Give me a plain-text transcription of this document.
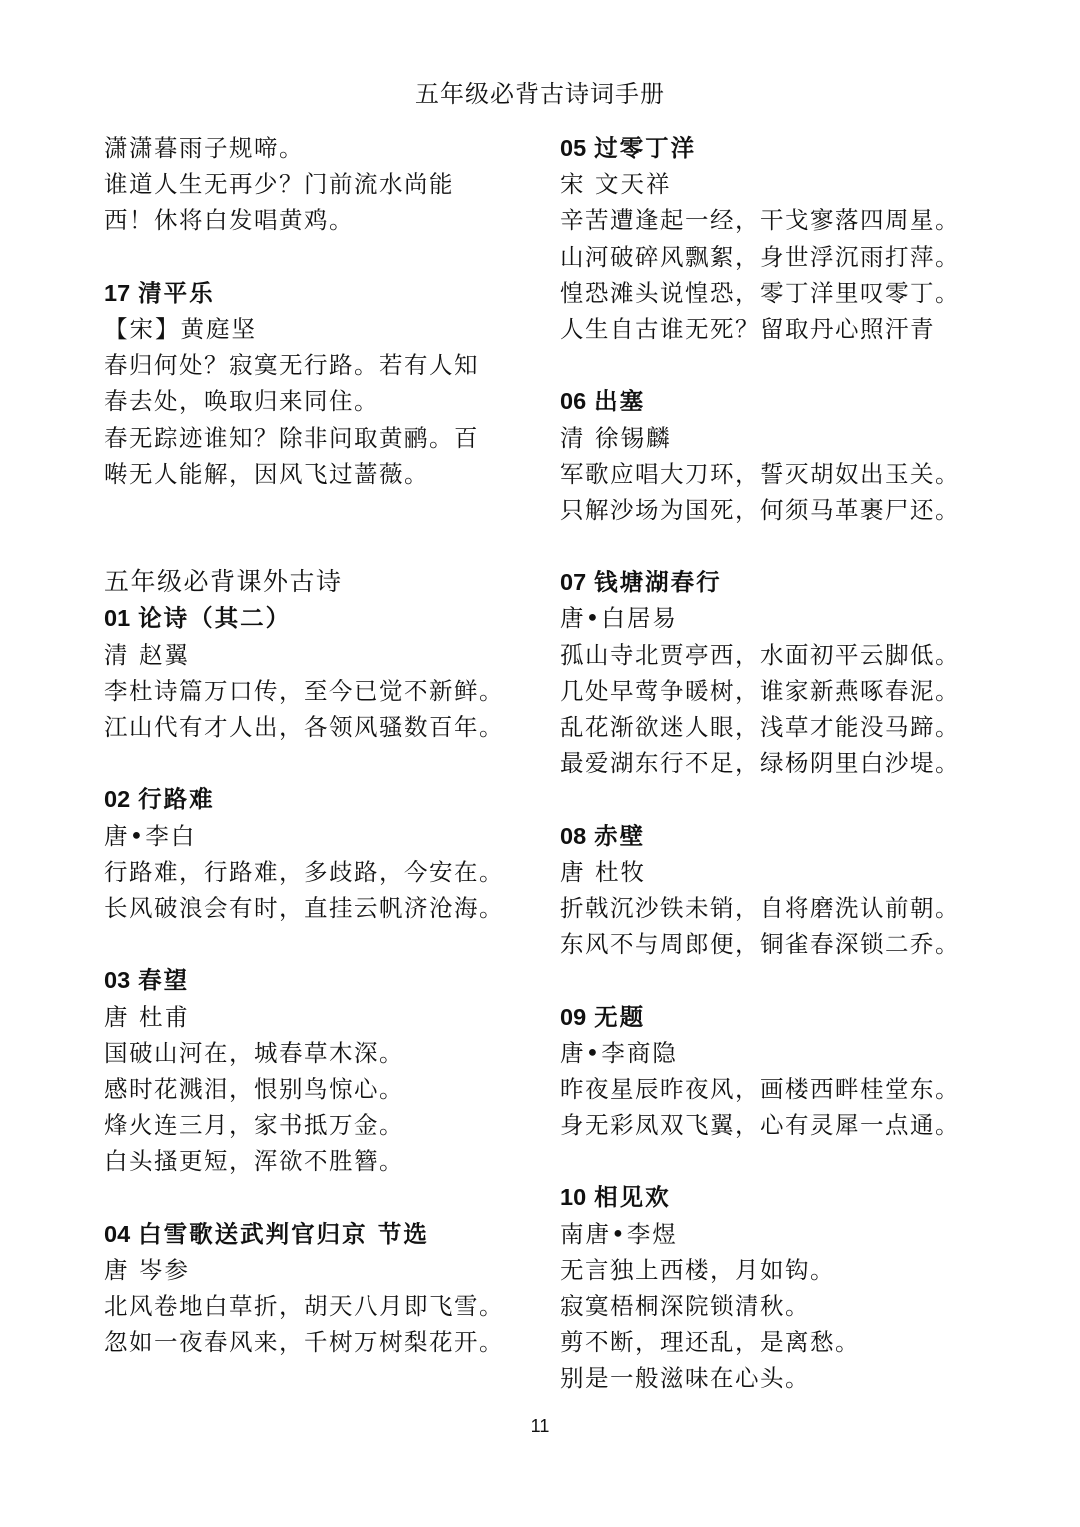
五年级必背古诗词手册
潇潇暮雨子规啼。
谁道人生无再少？门前流水尚能
西！休将白发唱黄鸡。
17 清平乐
【宋】黄庭坚
春归何处？寂寞无行路。若有人知
春去处，唤取归来同住。
春无踪迹谁知？除非问取黄鹂。百
啭无人能解，因风飞过蔷薇。
五年级必背课外古诗
01 论诗（其二）
清 赵翼
李杜诗篇万口传，至今已觉不新鲜。
江山代有才人出，各领风骚数百年。
02 行路难
唐•李白
行路难，行路难，多歧路，今安在。
长风破浪会有时，直挂云帆济沧海。
03 春望
唐 杜甫
国破山河在，城春草木深。
感时花溅泪，恨别鸟惊心。
烽火连三月，家书抵万金。
白头搔更短，浑欲不胜簪。
04 白雪歌送武判官归京 节选
唐 岑参
北风卷地白草折，胡天八月即飞雪。
忽如一夜春风来，千树万树梨花开。
05 过零丁洋
宋 文天祥
辛苦遭逢起一经，干戈寥落四周星。
山河破碎风飘絮，身世浮沉雨打萍。
惶恐滩头说惶恐，零丁洋里叹零丁。
人生自古谁无死？留取丹心照汗青
06 出塞
清 徐锡麟
军歌应唱大刀环，誓灭胡奴出玉关。
只解沙场为国死，何须马革裹尸还。
07 钱塘湖春行
唐•白居易
孤山寺北贾亭西，水面初平云脚低。
几处早莺争暖树，谁家新燕啄春泥。
乱花渐欲迷人眼，浅草才能没马蹄。
最爱湖东行不足，绿杨阴里白沙堤。
08 赤壁
唐 杜牧
折戟沉沙铁未销，自将磨洗认前朝。
东风不与周郎便，铜雀春深锁二乔。
09 无题
唐•李商隐
昨夜星辰昨夜风，画楼西畔桂堂东。
身无彩凤双飞翼，心有灵犀一点通。
10 相见欢
南唐•李煜
无言独上西楼，月如钩。
寂寞梧桐深院锁清秋。
剪不断，理还乱，是离愁。
别是一般滋味在心头。
11
